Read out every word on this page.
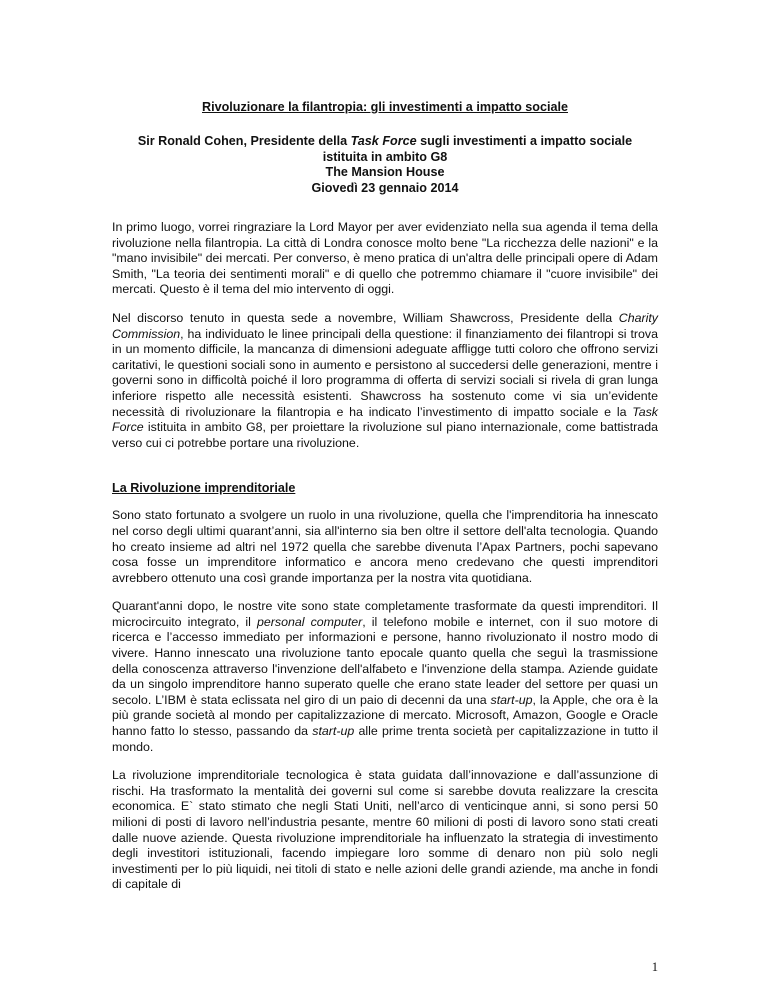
Rivoluzionare la filantropia: gli investimenti a impatto sociale

Sir Ronald Cohen, Presidente della Task Force sugli investimenti a impatto sociale

istituita in ambito G8

The Mansion House

Giovedì 23 gennaio 2014

In primo luogo, vorrei ringraziare la Lord Mayor per aver evidenziato nella sua agenda il tema della rivoluzione nella filantropia. La città di Londra conosce molto bene "La ricchezza delle nazioni" e la "mano invisibile" dei mercati. Per converso, è meno pratica di un'altra delle principali opere di Adam Smith, "La teoria dei sentimenti morali" e di quello che potremmo chiamare il "cuore invisibile" dei mercati. Questo è il tema del mio intervento di oggi.

Nel discorso tenuto in questa sede a novembre, William Shawcross, Presidente della Charity Commission, ha individuato le linee principali della questione: il finanziamento dei filantropi si trova in un momento difficile, la mancanza di dimensioni adeguate affligge tutti coloro che offrono servizi caritativi, le questioni sociali sono in aumento e persistono al succedersi delle generazioni, mentre i governi sono in difficoltà poiché il loro programma di offerta di servizi sociali si rivela di gran lunga inferiore rispetto alle necessità esistenti. Shawcross ha sostenuto come vi sia un’evidente necessità di rivoluzionare la filantropia e ha indicato l’investimento di impatto sociale e la Task Force istituita in ambito G8, per proiettare la rivoluzione sul piano internazionale, come battistrada verso cui ci potrebbe portare una rivoluzione.

La Rivoluzione imprenditoriale

Sono stato fortunato a svolgere un ruolo in una rivoluzione, quella che l'imprenditoria ha innescato nel corso degli ultimi quarant’anni, sia all'interno sia ben oltre il settore dell'alta tecnologia. Quando ho creato insieme ad altri nel 1972 quella che sarebbe divenuta l’Apax Partners, pochi sapevano cosa fosse un imprenditore informatico e ancora meno credevano che questi imprenditori avrebbero ottenuto una così grande importanza per la nostra vita quotidiana.

Quarant'anni dopo, le nostre vite sono state completamente trasformate da questi imprenditori. Il microcircuito integrato, il personal computer, il telefono mobile e internet, con il suo motore di ricerca e l’accesso immediato per informazioni e persone, hanno rivoluzionato il nostro modo di vivere. Hanno innescato una rivoluzione tanto epocale quanto quella che seguì la trasmissione della conoscenza attraverso l'invenzione dell'alfabeto e l'invenzione della stampa. Aziende guidate da un singolo imprenditore hanno superato quelle che erano state leader del settore per quasi un secolo. L’IBM è stata eclissata nel giro di un paio di decenni da una start-up, la Apple, che ora è la più grande società al mondo per capitalizzazione di mercato. Microsoft, Amazon, Google e Oracle hanno fatto lo stesso, passando da start-up alle prime trenta società per capitalizzazione in tutto il mondo.

La rivoluzione imprenditoriale tecnologica è stata guidata dall’innovazione e dall’assunzione di rischi. Ha trasformato la mentalità dei governi sul come si sarebbe dovuta realizzare la crescita economica. E` stato stimato che negli Stati Uniti, nell’arco di venticinque anni, si sono persi 50 milioni di posti di lavoro nell’industria pesante, mentre 60 milioni di posti di lavoro sono stati creati dalle nuove aziende. Questa rivoluzione imprenditoriale ha influenzato la strategia di investimento degli investitori istituzionali, facendo impiegare loro somme di denaro non più solo negli investimenti per lo più liquidi, nei titoli di stato e nelle azioni delle grandi aziende, ma anche in fondi di capitale di

1
